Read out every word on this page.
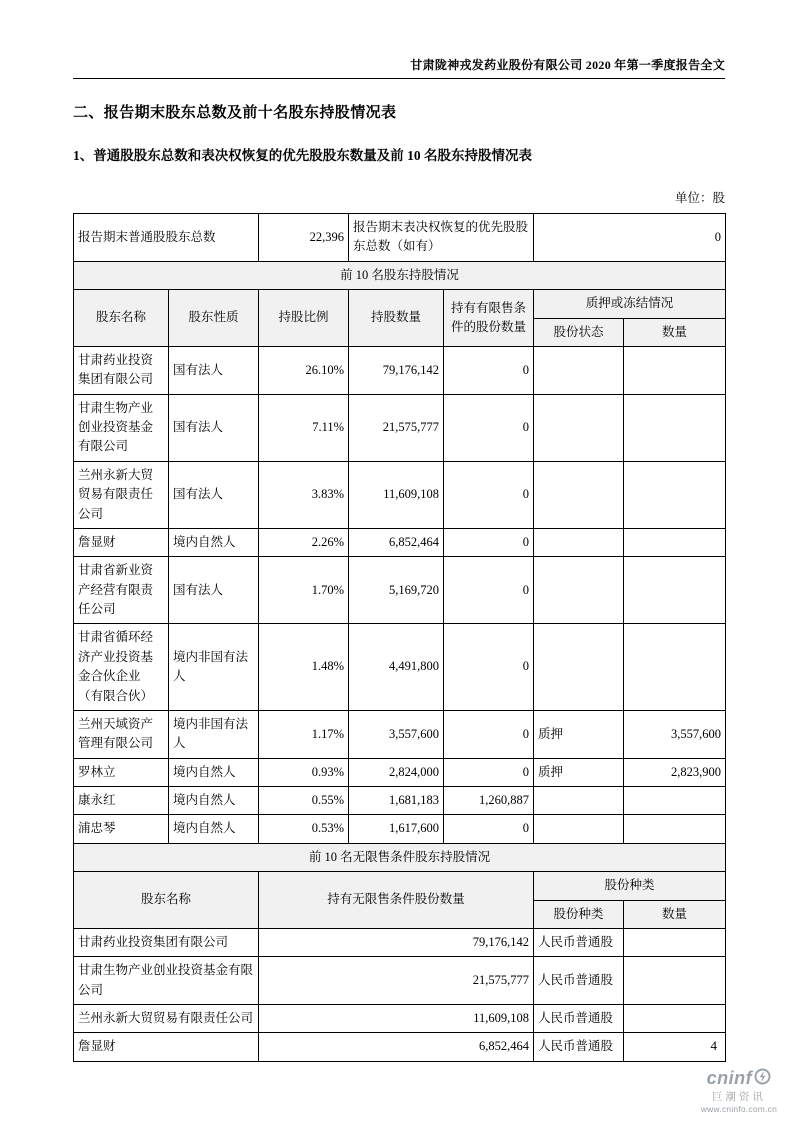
甘肃陇神戎发药业股份有限公司 2020 年第一季度报告全文
二、报告期末股东总数及前十名股东持股情况表
1、普通股股东总数和表决权恢复的优先股股东数量及前 10 名股东持股情况表
单位：股
报告期末普通股股东总数		22,396	报告期末表决权恢复的优先股股东总数（如有）		0	
前 10 名股东持股情况						
股东名称	股东性质	持股比例	持股数量	持有有限售条件的股份数量	质押或冻结情况	
					股份状态	数量
甘肃药业投资集团有限公司	国有法人	26.10%	79,176,142	0		
甘肃生物产业创业投资基金有限公司	国有法人	7.11%	21,575,777	0		
兰州永新大贸贸易有限责任公司	国有法人	3.83%	11,609,108	0		
詹显财	境内自然人	2.26%	6,852,464	0		
甘肃省新业资产经营有限责任公司	国有法人	1.70%	5,169,720	0		
甘肃省循环经济产业投资基金合伙企业（有限合伙）	境内非国有法人	1.48%	4,491,800	0		
兰州天域资产管理有限公司	境内非国有法人	1.17%	3,557,600	0	质押	3,557,600
罗林立	境内自然人	0.93%	2,824,000	0	质押	2,823,900
康永红	境内自然人	0.55%	1,681,183	1,260,887		
浦忠琴	境内自然人	0.53%	1,617,600	0		
前 10 名无限售条件股东持股情况						
股东名称		持有无限售条件股份数量			股份种类	
					股份种类	数量
甘肃药业投资集团有限公司		79,176,142			人民币普通股	
甘肃生物产业创业投资基金有限公司		21,575,777			人民币普通股	
兰州永新大贸贸易有限责任公司		11,609,108			人民币普通股	
詹显财		6,852,464			人民币普通股		4
cninf
巨潮资讯
www.cninfo.com.cn
